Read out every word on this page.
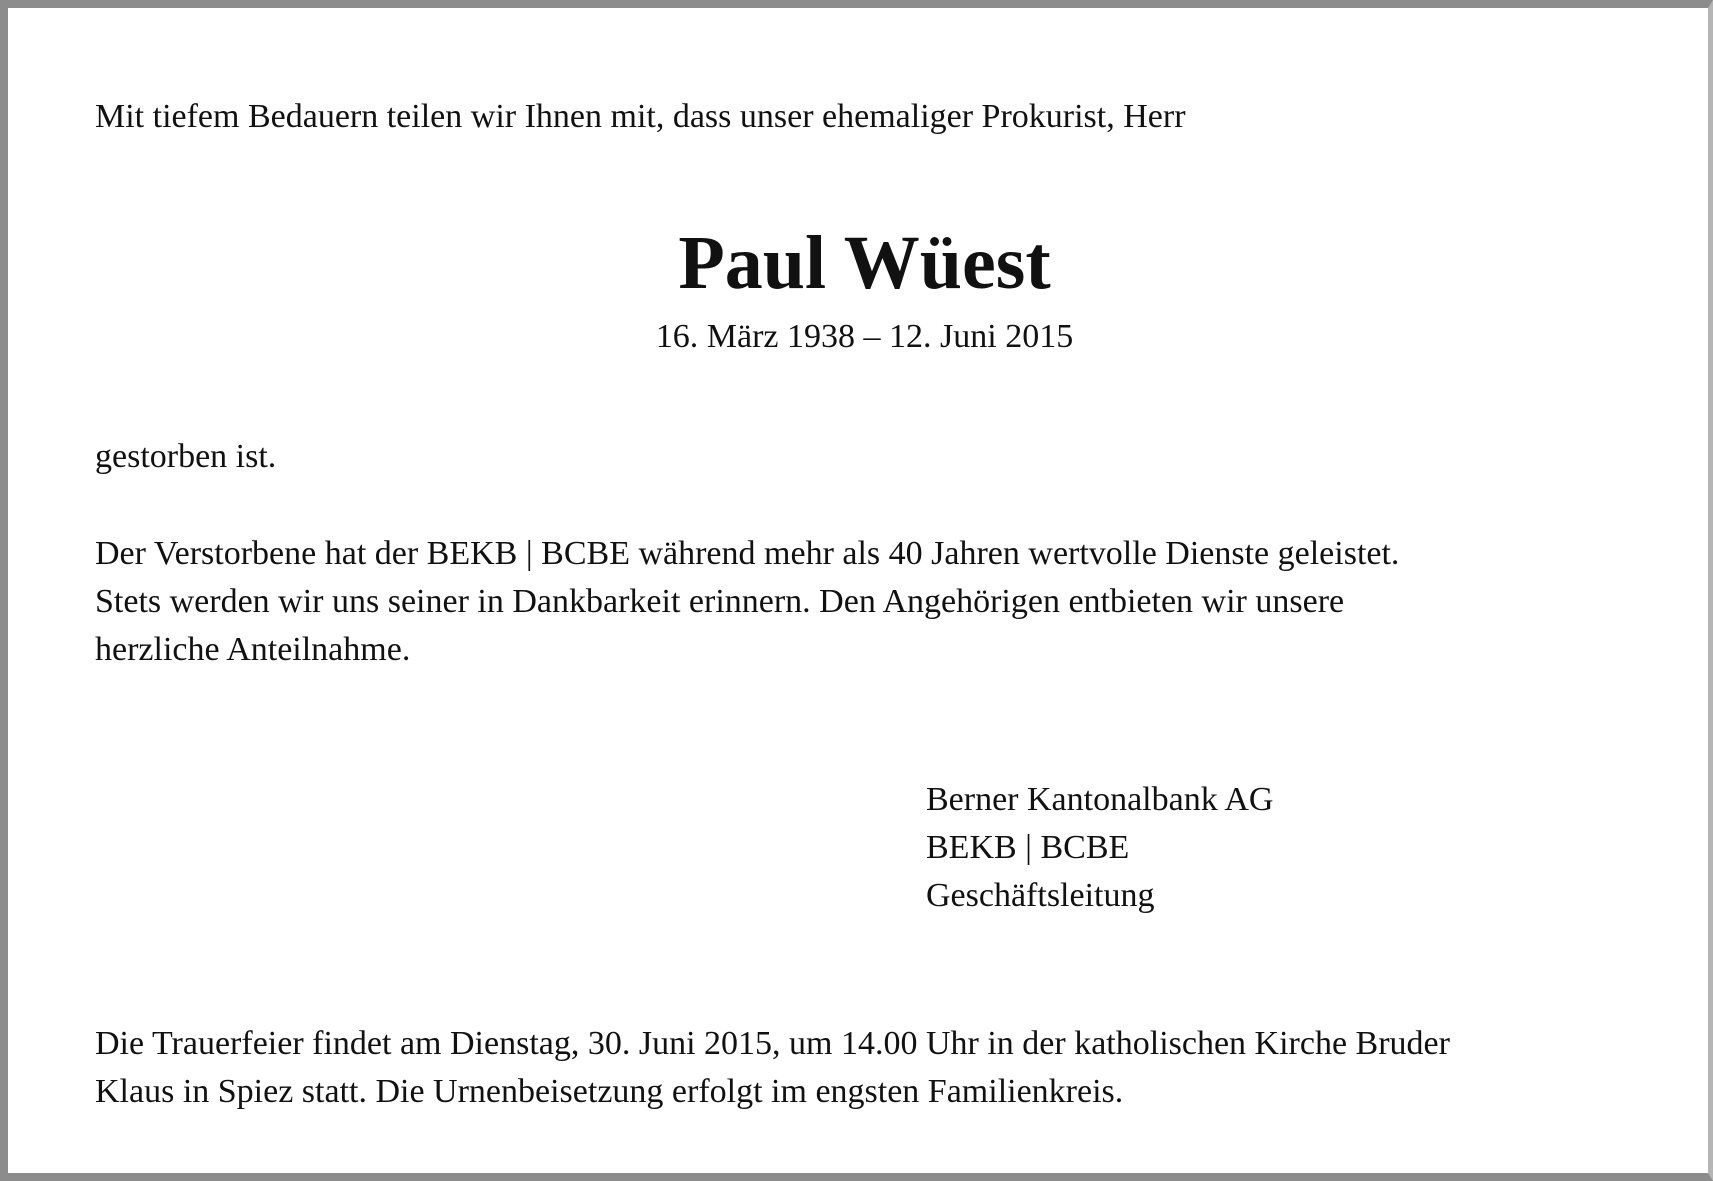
Mit tiefem Bedauern teilen wir Ihnen mit, dass unser ehemaliger Prokurist, Herr
Paul Wüest
16. März 1938 – 12. Juni 2015
gestorben ist.
Der Verstorbene hat der BEKB | BCBE während mehr als 40 Jahren wertvolle Dienste geleistet.
Stets werden wir uns seiner in Dankbarkeit erinnern. Den Angehörigen entbieten wir unsere
herzliche Anteilnahme.
Berner Kantonalbank AG
BEKB | BCBE
Geschäftsleitung
Die Trauerfeier findet am Dienstag, 30. Juni 2015, um 14.00 Uhr in der katholischen Kirche Bruder
Klaus in Spiez statt. Die Urnenbeisetzung erfolgt im engsten Familienkreis.
